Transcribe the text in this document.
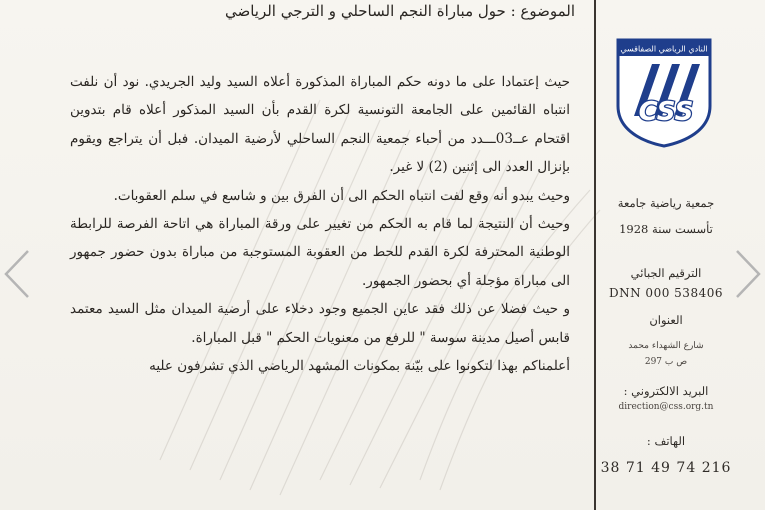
الموضوع : حول مباراة النجم الساحلي و الترجي الرياضي

حيث إعتمادا على ما دونه حكم المباراة المذكورة أعلاه السيد وليد الجريدي. نود أن نلفت انتباه القائمين على الجامعة التونسية لكرة القدم بأن السيد المذكور أعلاه قام بتدوين اقتحام عــ03ـــدد من أحباء جمعية النجم الساحلي لأرضية الميدان. فبل أن يتراجع ويقوم بإنزال العدد الى إثنين (2) لا غير.

وحيث يبدو أنه وقع لفت انتباه الحكم الى أن الفرق بين و شاسع في سلم العقوبات.

وحيث أن النتيجة لما قام به الحكم من تغيير على ورقة المباراة هي اتاحة الفرصة للرابطة الوطنية المحترفة لكرة القدم للحط من العقوبة المستوجبة من مباراة بدون حضور جمهور الى مباراة مؤجلة أي بحضور الجمهور.

و حيث فضلا عن ذلك فقد عاين الجميع وجود دخلاء على أرضية الميدان مثل السيد معتمد قابس أصيل مدينة سوسة " للرفع من معنويات الحكم " قبل المباراة.

أعلمناكم بهذا لتكونوا على بيّنة بمكونات المشهد الرياضي الذي تشرفون عليه

النادي الرياضي الصفاقسي
CSS
جمعية رياضية جامعة
تأسست سنة 1928
الترقيم الجبائي
538406 DNN 000
العنوان
شارع الشهداء محمد
ص ب 297
البريد الالكتروني :
direction@css.org.tn
الهاتف :
216 74 49 71 38
